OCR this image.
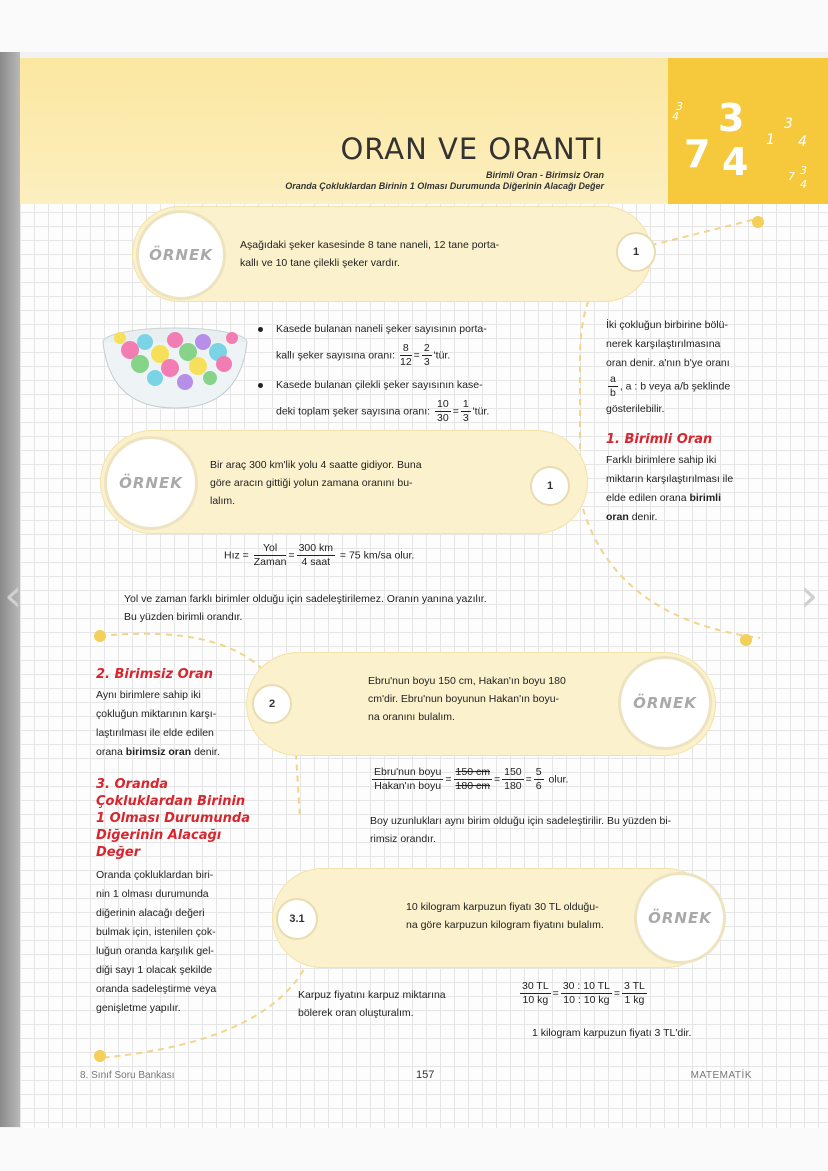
3
4
7
3
4 1
3
4
7 3
4
ORAN VE ORANTI
Birimli Oran - Birimsiz Oran
Oranda Çokluklardan Birinin 1 Olması Durumunda Diğerinin Alacağı Değer
ÖRNEK
Aşağıdaki şeker kasesinde 8 tane naneli, 12 tane porta-
kallı ve 10 tane çilekli şeker vardır.
1
Kasede bulanan naneli şeker sayısının porta-
kallı şeker sayısına oranı: $\frac{8}{12} = \frac{2}{3}$ 'tür.
Kasede bulanan çilekli şeker sayısının kase-
deki toplam şeker sayısına oranı: $\frac{10}{30} = \frac{1}{3}$ 'tür.
İki çokluğun birbirine bölü-
nerek karşılaştırılmasına
oran denir. a'nın b'ye oranı
$\frac{a}{b}$ , a : b veya a/b şeklinde
gösterilebilir.
1. Birimli Oran
Farklı birimlere sahip iki
miktarın karşılaştırılması ile
elde edilen orana birimli
oran denir.
ÖRNEK
Bir araç 300 km'lik yolu 4 saatte gidiyor. Buna
göre aracın gittiği yolun zamana oranını bu-
lalım.
1
Hız = $\frac{\text{Yol}}{\text{Zaman}} = \frac{300 km}{\text{4 saat}} = 75$ km/sa olur.
Yol ve zaman farklı birimler olduğu için sadeleştirilemez. Oranın yanına yazılır.
Bu yüzden birimli orandır.
2. Birimsiz Oran
Aynı birimlere sahip iki
çokluğun miktarının karşı-
laştırılması ile elde edilen
orana birimsiz oran denir.
2
Ebru'nun boyu 150 cm, Hakan'ın boyu 180
cm'dir. Ebru'nun boyunun Hakan'ın boyu-
na oranını bulalım.
ÖRNEK
$\frac{\text{Ebru'nun boyu}}{\text{Hakan'ın boyu}} = \frac{150 cm}{180 cm} = \frac{150}{180} = \frac{5}{6}$ olur.
Boy uzunlukları aynı birim olduğu için sadeleştirilir. Bu yüzden bi-
rimsiz orandır.
3. Oranda
Çokluklardan Birinin
1 Olması Durumunda
Diğerinin Alacağı
Değer
Oranda çokluklardan biri-
nin 1 olması durumunda
diğerinin alacağı değeri
bulmak için, istenilen çok-
luğun oranda karşılık gel-
diği sayı 1 olacak şekilde
oranda sadeleştirme veya
genişletme yapılır.
3.1
10 kilogram karpuzun fiyatı 30 TL olduğu-
na göre karpuzun kilogram fiyatını bulalım.	ÖRNEK
Karpuz fiyatını karpuz miktarına
bölerek oran oluşturalım.
$\frac{30 TL}{10 kg} = \frac{30 : 10 TL}{10 : 10 kg} = \frac{3 TL}{1 kg}$
1 kilogram karpuzun fiyatı 3 TL'dir.
8. Sınıf Soru Bankası	157	MATEMATİK
‹	›
